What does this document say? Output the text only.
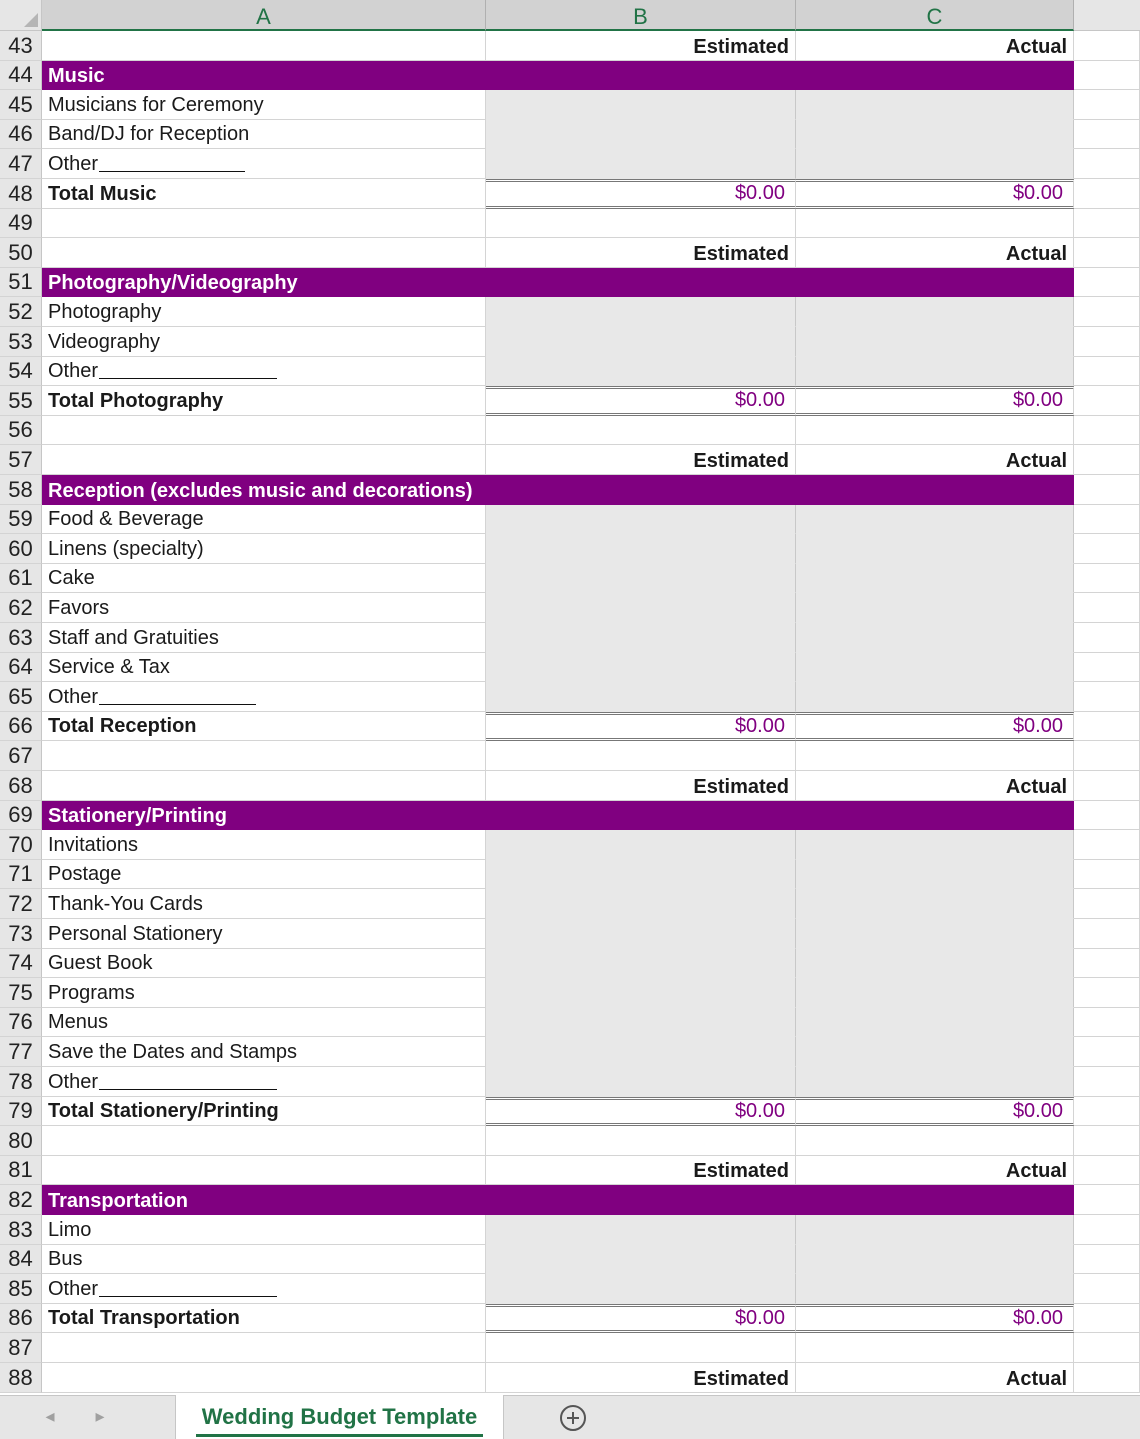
A	B	C
43	Estimated	Actual
44 Music
45 Musicians for Ceremony
46 Band/DJ for Reception
47 Other
48 Total Music	$0.00	$0.00
49
50	Estimated	Actual
51 Photography/Videography
52 Photography
53 Videography
54 Other
55 Total Photography	$0.00	$0.00
56
57	Estimated	Actual
58 Reception (excludes music and decorations)
59 Food & Beverage
60 Linens (specialty)
61 Cake
62 Favors
63 Staff and Gratuities
64 Service & Tax
65 Other
66 Total Reception	$0.00	$0.00
67
68	Estimated	Actual
69 Stationery/Printing
70 Invitations
71 Postage
72 Thank-You Cards
73 Personal Stationery
74 Guest Book
75 Programs
76 Menus
77 Save the Dates and Stamps
78 Other
79 Total Stationery/Printing	$0.00	$0.00
80
81	Estimated	Actual
82 Transportation
83 Limo
84 Bus
85 Other
86 Total Transportation	$0.00	$0.00
87
88	Estimated	Actual
◂	▸	Wedding Budget Template
